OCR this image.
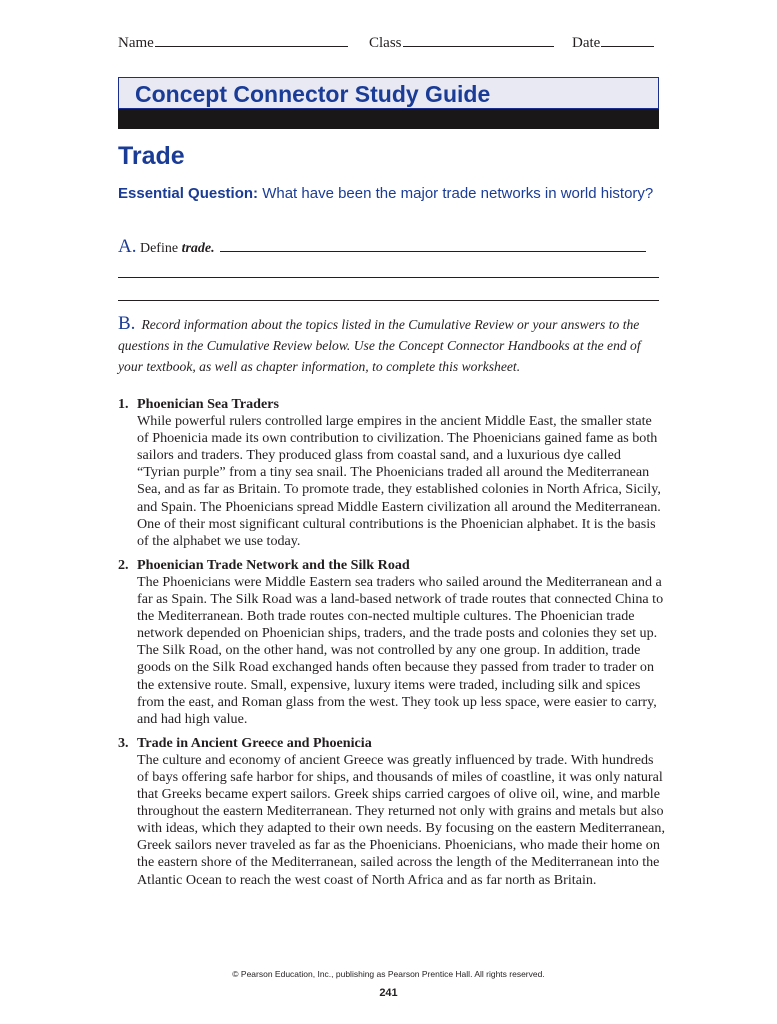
Name	Class	Date
Concept Connector Study Guide
Trade
Essential Question: What have been the major trade networks in world history?
A. Define trade.
B. Record information about the topics listed in the Cumulative Review or your answers to the questions in the Cumulative Review below. Use the Concept Connector Handbooks at the end of your textbook, as well as chapter information, to complete this worksheet.
1. Phoenician Sea Traders

While powerful rulers controlled large empires in the ancient Middle East, the smaller state of Phoenicia made its own contribution to civilization. The Phoenicians gained fame as both sailors and traders. They produced glass from coastal sand, and a luxurious dye called “Tyrian purple” from a tiny sea snail. The Phoenicians traded all around the Mediterranean Sea, and as far as Britain. To promote trade, they established colonies in North Africa, Sicily, and Spain. The Phoenicians spread Middle Eastern civilization all around the Mediterranean. One of their most significant cultural contributions is the Phoenician alphabet. It is the basis of the alphabet we use today.

2. Phoenician Trade Network and the Silk Road

The Phoenicians were Middle Eastern sea traders who sailed around the Mediterranean and a far as Spain. The Silk Road was a land-based network of trade routes that connected China to the Mediterranean. Both trade routes con-nected multiple cultures. The Phoenician trade network depended on Phoenician ships, traders, and the trade posts and colonies they set up. The Silk Road, on the other hand, was not controlled by any one group. In addition, trade goods on the Silk Road exchanged hands often because they passed from trader to trader on the extensive route. Small, expensive, luxury items were traded, including silk and spices from the east, and Roman glass from the west. They took up less space, were easier to carry, and had high value.

3. Trade in Ancient Greece and Phoenicia

The culture and economy of ancient Greece was greatly influenced by trade. With hundreds of bays offering safe harbor for ships, and thousands of miles of coastline, it was only natural that Greeks became expert sailors. Greek ships carried cargoes of olive oil, wine, and marble throughout the eastern Mediterranean. They returned not only with grains and metals but also with ideas, which they adapted to their own needs. By focusing on the eastern Mediterranean, Greek sailors never traveled as far as the Phoenicians. Phoenicians, who made their home on the eastern shore of the Mediterranean, sailed across the length of the Mediterranean into the Atlantic Ocean to reach the west coast of North Africa and as far north as Britain.

© Pearson Education, Inc., publishing as Pearson Prentice Hall. All rights reserved.
241
